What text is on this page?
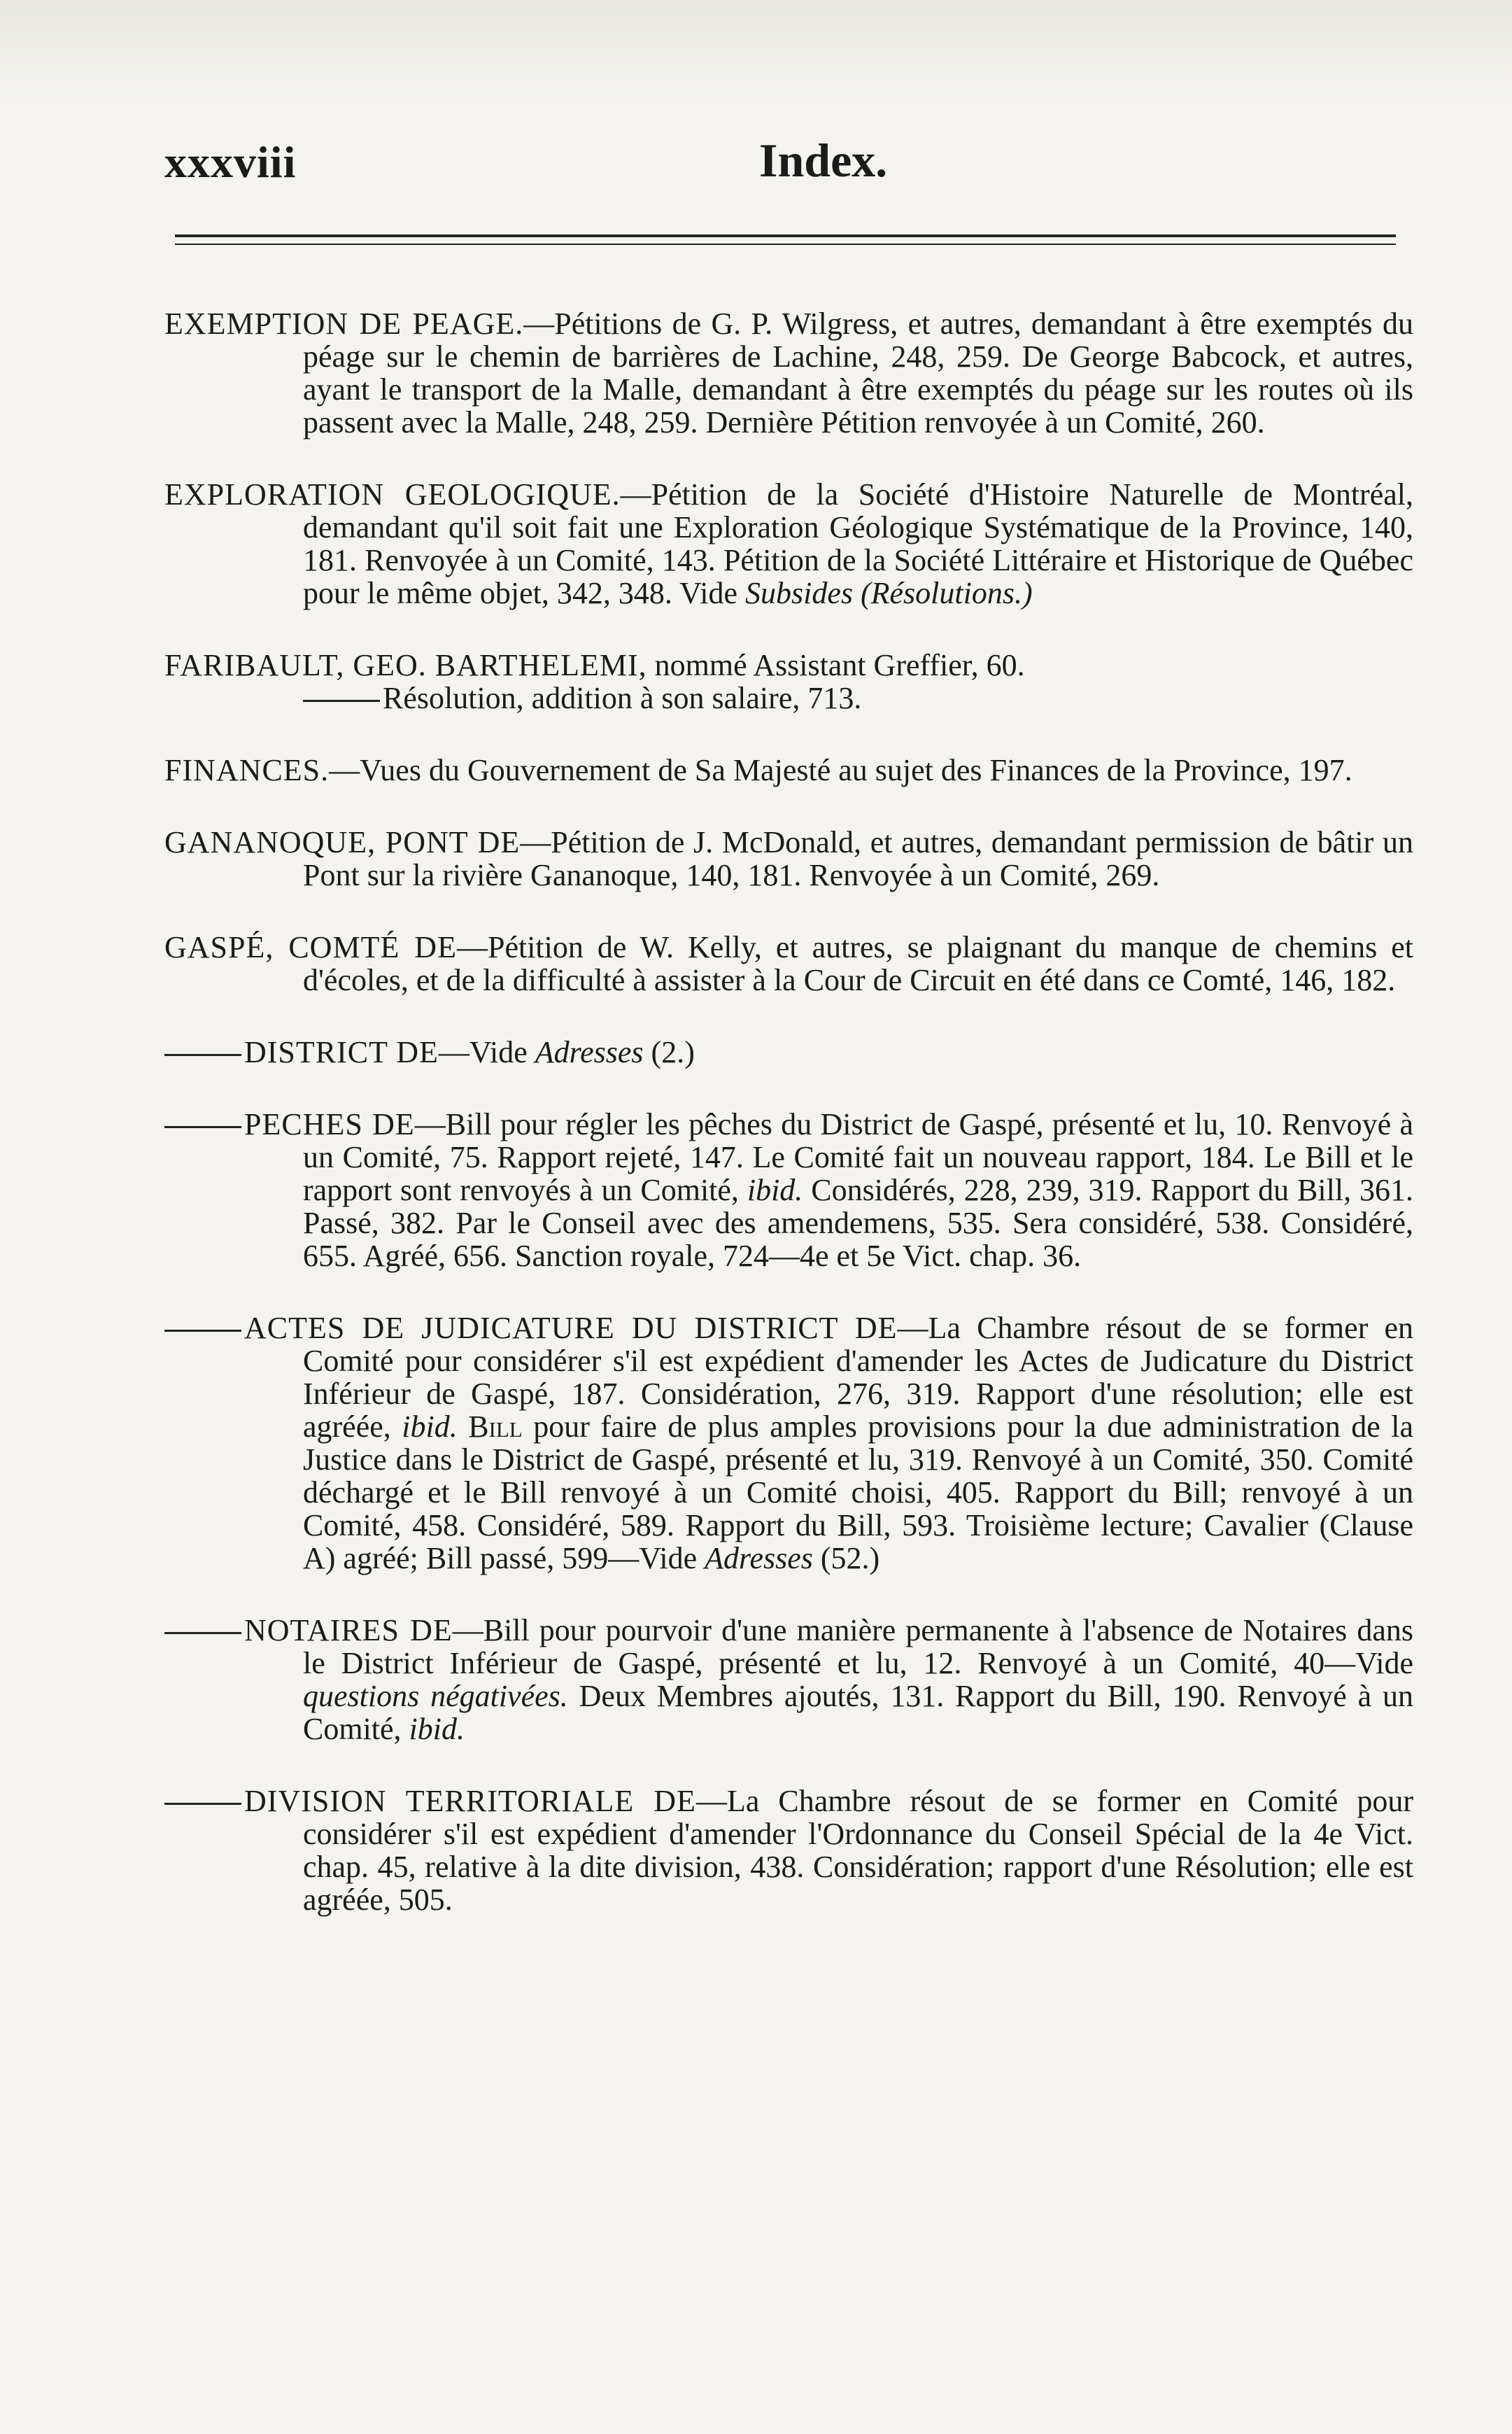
xxxviii	Index.

EXEMPTION DE PEAGE.—Pétitions de G. P. Wilgress, et autres, demandant à être exemptés du péage sur le chemin de barrières de Lachine, 248, 259. De George Babcock, et autres, ayant le transport de la Malle, demandant à être exemptés du péage sur les routes où ils passent avec la Malle, 248, 259. Dernière Pétition renvoyée à un Comité, 260.

EXPLORATION GEOLOGIQUE.—Pétition de la Société d'Histoire Naturelle de Montréal, demandant qu'il soit fait une Exploration Géologique Systématique de la Province, 140, 181. Renvoyée à un Comité, 143. Pétition de la Société Littéraire et Historique de Québec pour le même objet, 342, 348. Vide Subsides (Résolutions.)

FARIBAULT, GEO. BARTHELEMI, nommé Assistant Greffier, 60.
Résolution, addition à son salaire, 713.

FINANCES.—Vues du Gouvernement de Sa Majesté au sujet des Finances de la Province, 197.

GANANOQUE, PONT DE—Pétition de J. McDonald, et autres, demandant permission de bâtir un Pont sur la rivière Gananoque, 140, 181. Renvoyée à un Comité, 269.

GASPÉ, COMTÉ DE—Pétition de W. Kelly, et autres, se plaignant du manque de chemins et d'écoles, et de la difficulté à assister à la Cour de Circuit en été dans ce Comté, 146, 182.

DISTRICT DE—Vide Adresses (2.)

PECHES DE—Bill pour régler les pêches du District de Gaspé, présenté et lu, 10. Renvoyé à un Comité, 75. Rapport rejeté, 147. Le Comité fait un nouveau rapport, 184. Le Bill et le rapport sont renvoyés à un Comité, ibid. Considérés, 228, 239, 319. Rapport du Bill, 361. Passé, 382. Par le Conseil avec des amendemens, 535. Sera considéré, 538. Considéré, 655. Agréé, 656. Sanction royale, 724—4e et 5e Vict. chap. 36.

ACTES DE JUDICATURE DU DISTRICT DE—La Chambre résout de se former en Comité pour considérer s'il est expédient d'amender les Actes de Judicature du District Inférieur de Gaspé, 187. Considération, 276, 319. Rapport d'une résolution; elle est agréée, ibid. Bill pour faire de plus amples provisions pour la due administration de la Justice dans le District de Gaspé, présenté et lu, 319. Renvoyé à un Comité, 350. Comité déchargé et le Bill renvoyé à un Comité choisi, 405. Rapport du Bill; renvoyé à un Comité, 458. Considéré, 589. Rapport du Bill, 593. Troisième lecture; Cavalier (Clause A) agréé; Bill passé, 599—Vide Adresses (52.)

NOTAIRES DE—Bill pour pourvoir d'une manière permanente à l'absence de Notaires dans le District Inférieur de Gaspé, présenté et lu, 12. Renvoyé à un Comité, 40—Vide questions négativées. Deux Membres ajoutés, 131. Rapport du Bill, 190. Renvoyé à un Comité, ibid.

DIVISION TERRITORIALE DE—La Chambre résout de se former en Comité pour considérer s'il est expédient d'amender l'Ordonnance du Conseil Spécial de la 4e Vict. chap. 45, relative à la dite division, 438. Considération; rapport d'une Résolution; elle est agréée, 505.
